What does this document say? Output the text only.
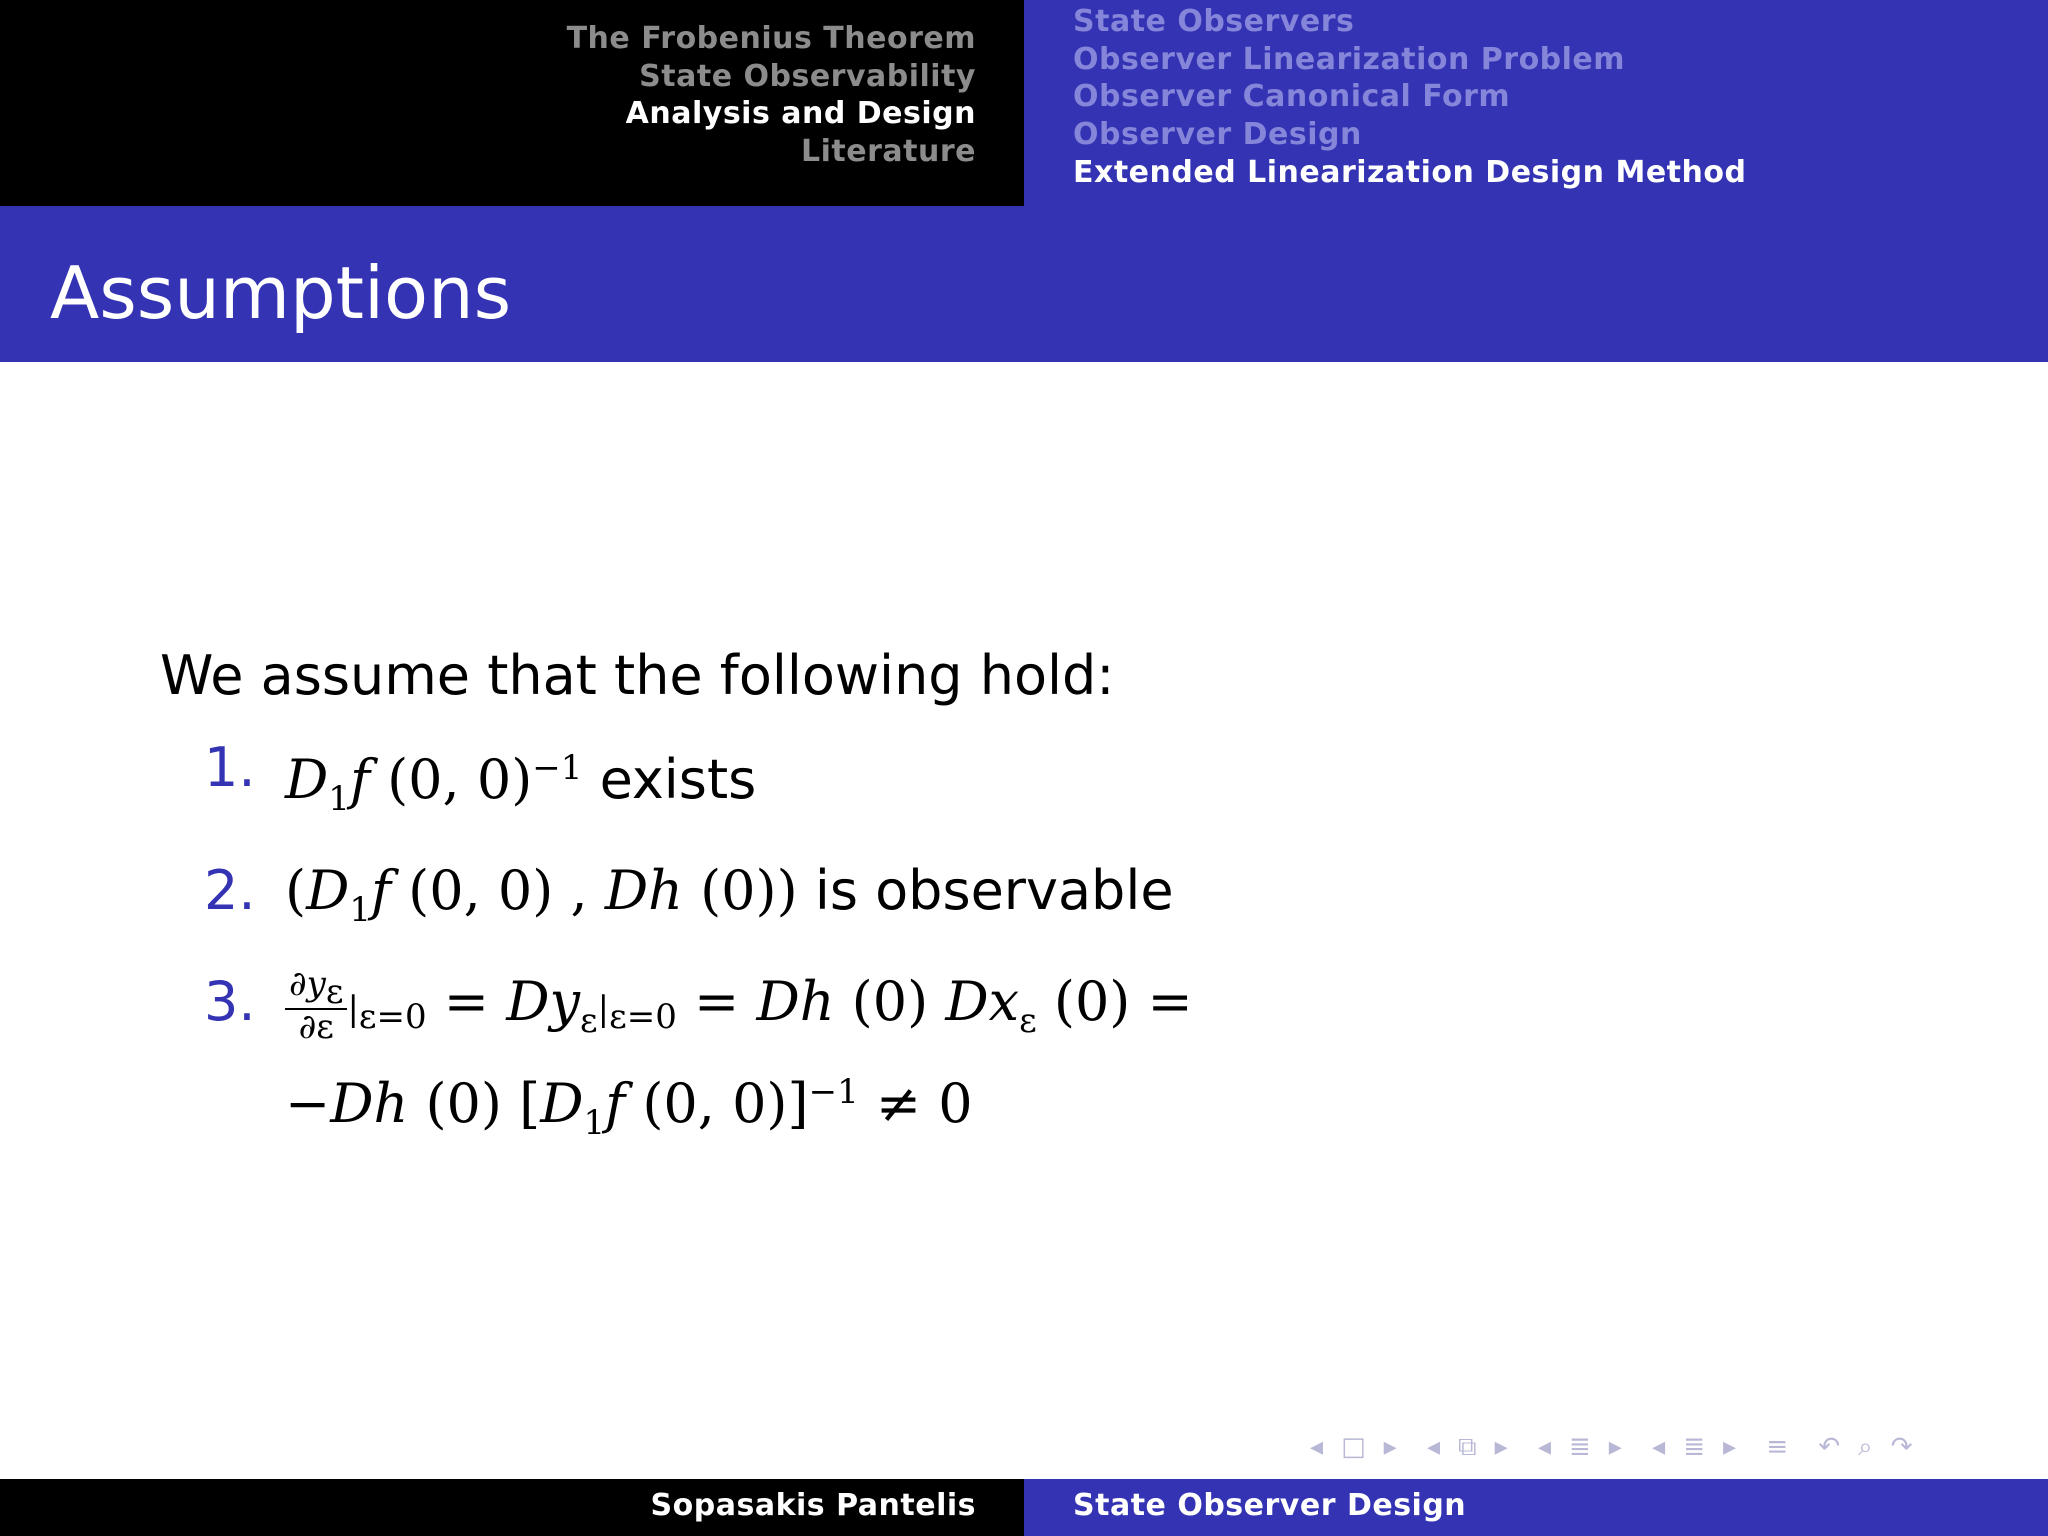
The Frobenius Theorem
State Observability
Analysis and Design
Literature
State Observers
Observer Linearization Problem
Observer Canonical Form
Observer Design
Extended Linearization Design Method
Assumptions
We assume that the following hold:
1. $D_1f$ (0, 0)$^{-1}$ exists
2. ($D_1f$ (0, 0) , Dh (0)) is observable
3. $\frac{\partial y_\varepsilon}{\partial\varepsilon} |_{\varepsilon=0} = Dy_\varepsilon|_{\varepsilon=0} = Dh$ (0) $Dx_\varepsilon$ (0) =
−Dh (0) [$D_1f$ (0, 0)]$^{-1}$ ≠ 0
◂ □ ▸ ◂ ⧉ ▸ ◂ ≣ ▸ ◂ ≣ ▸ ≡ ↶ ⌕ ↷
Sopasakis Pantelis	State Observer Design
